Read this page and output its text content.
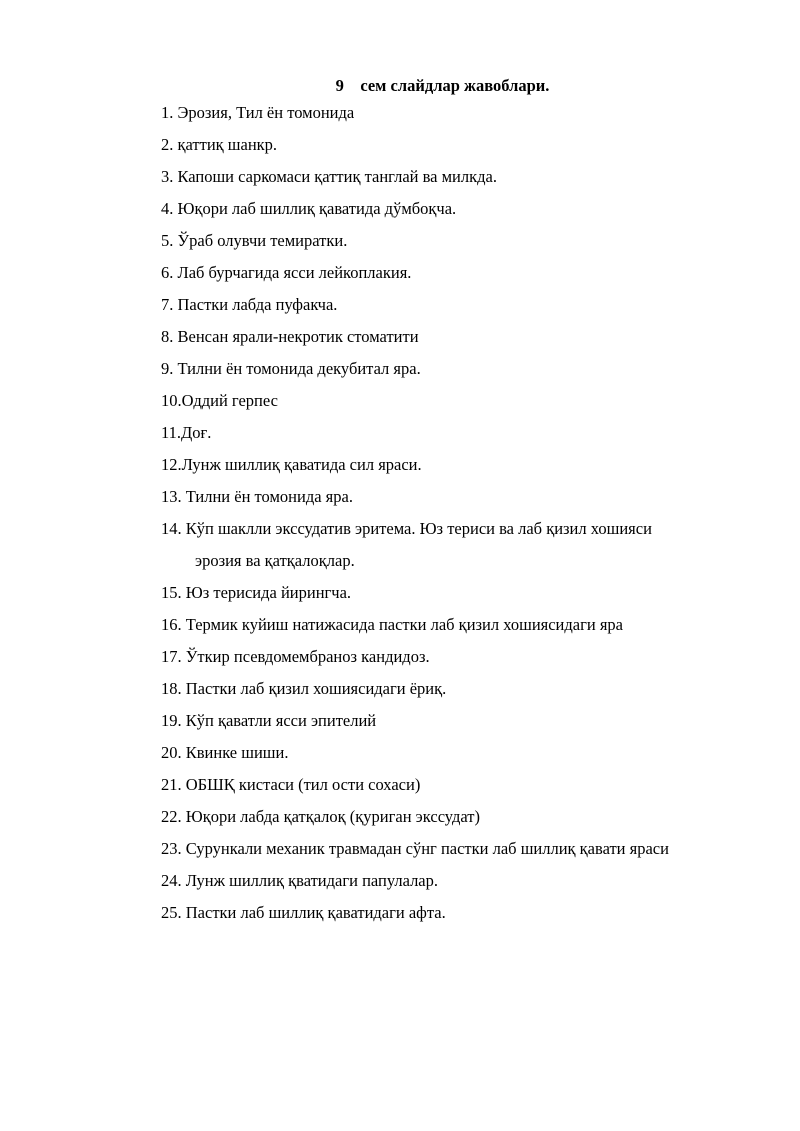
9    сем слайдлар жавоблари.
1. Эрозия, Тил ён томонида
2. қаттиқ шанкр.
3. Капоши саркомаси қаттиқ танглай ва милкда.
4. Юқори лаб шиллиқ қаватида дўмбоқча.
5. Ўраб олувчи темиратки.
6. Лаб бурчагида ясси лейкоплакия.
7. Пастки лабда пуфакча.
8. Венсан ярали-некротик стоматити
9. Тилни ён томонида декубитал яра.
10.Оддий герпес
11.Доғ.
12.Лунж шиллиқ қаватида сил яраси.
13. Тилни ён томонида яра.
14. Кўп шаклли экссудатив эритема. Юз териси ва лаб қизил хошияси
эрозия ва қатқалоқлар.
15. Юз терисида йирингча.
16. Термик куйиш натижасида пастки лаб қизил хошиясидаги яра
17. Ўткир псевдомембраноз кандидоз.
18. Пастки лаб қизил хошиясидаги ёриқ.
19. Кўп қаватли ясси эпителий
20. Квинке шиши.
21. ОБШҚ кистаси (тил ости сохаси)
22. Юқори лабда қатқалоқ (қуриган экссудат)
23. Сурункали механик травмадан сўнг пастки лаб шиллиқ қавати яраси
24. Лунж шиллиқ қватидаги папулалар.
25. Пастки лаб шиллиқ қаватидаги афта.
